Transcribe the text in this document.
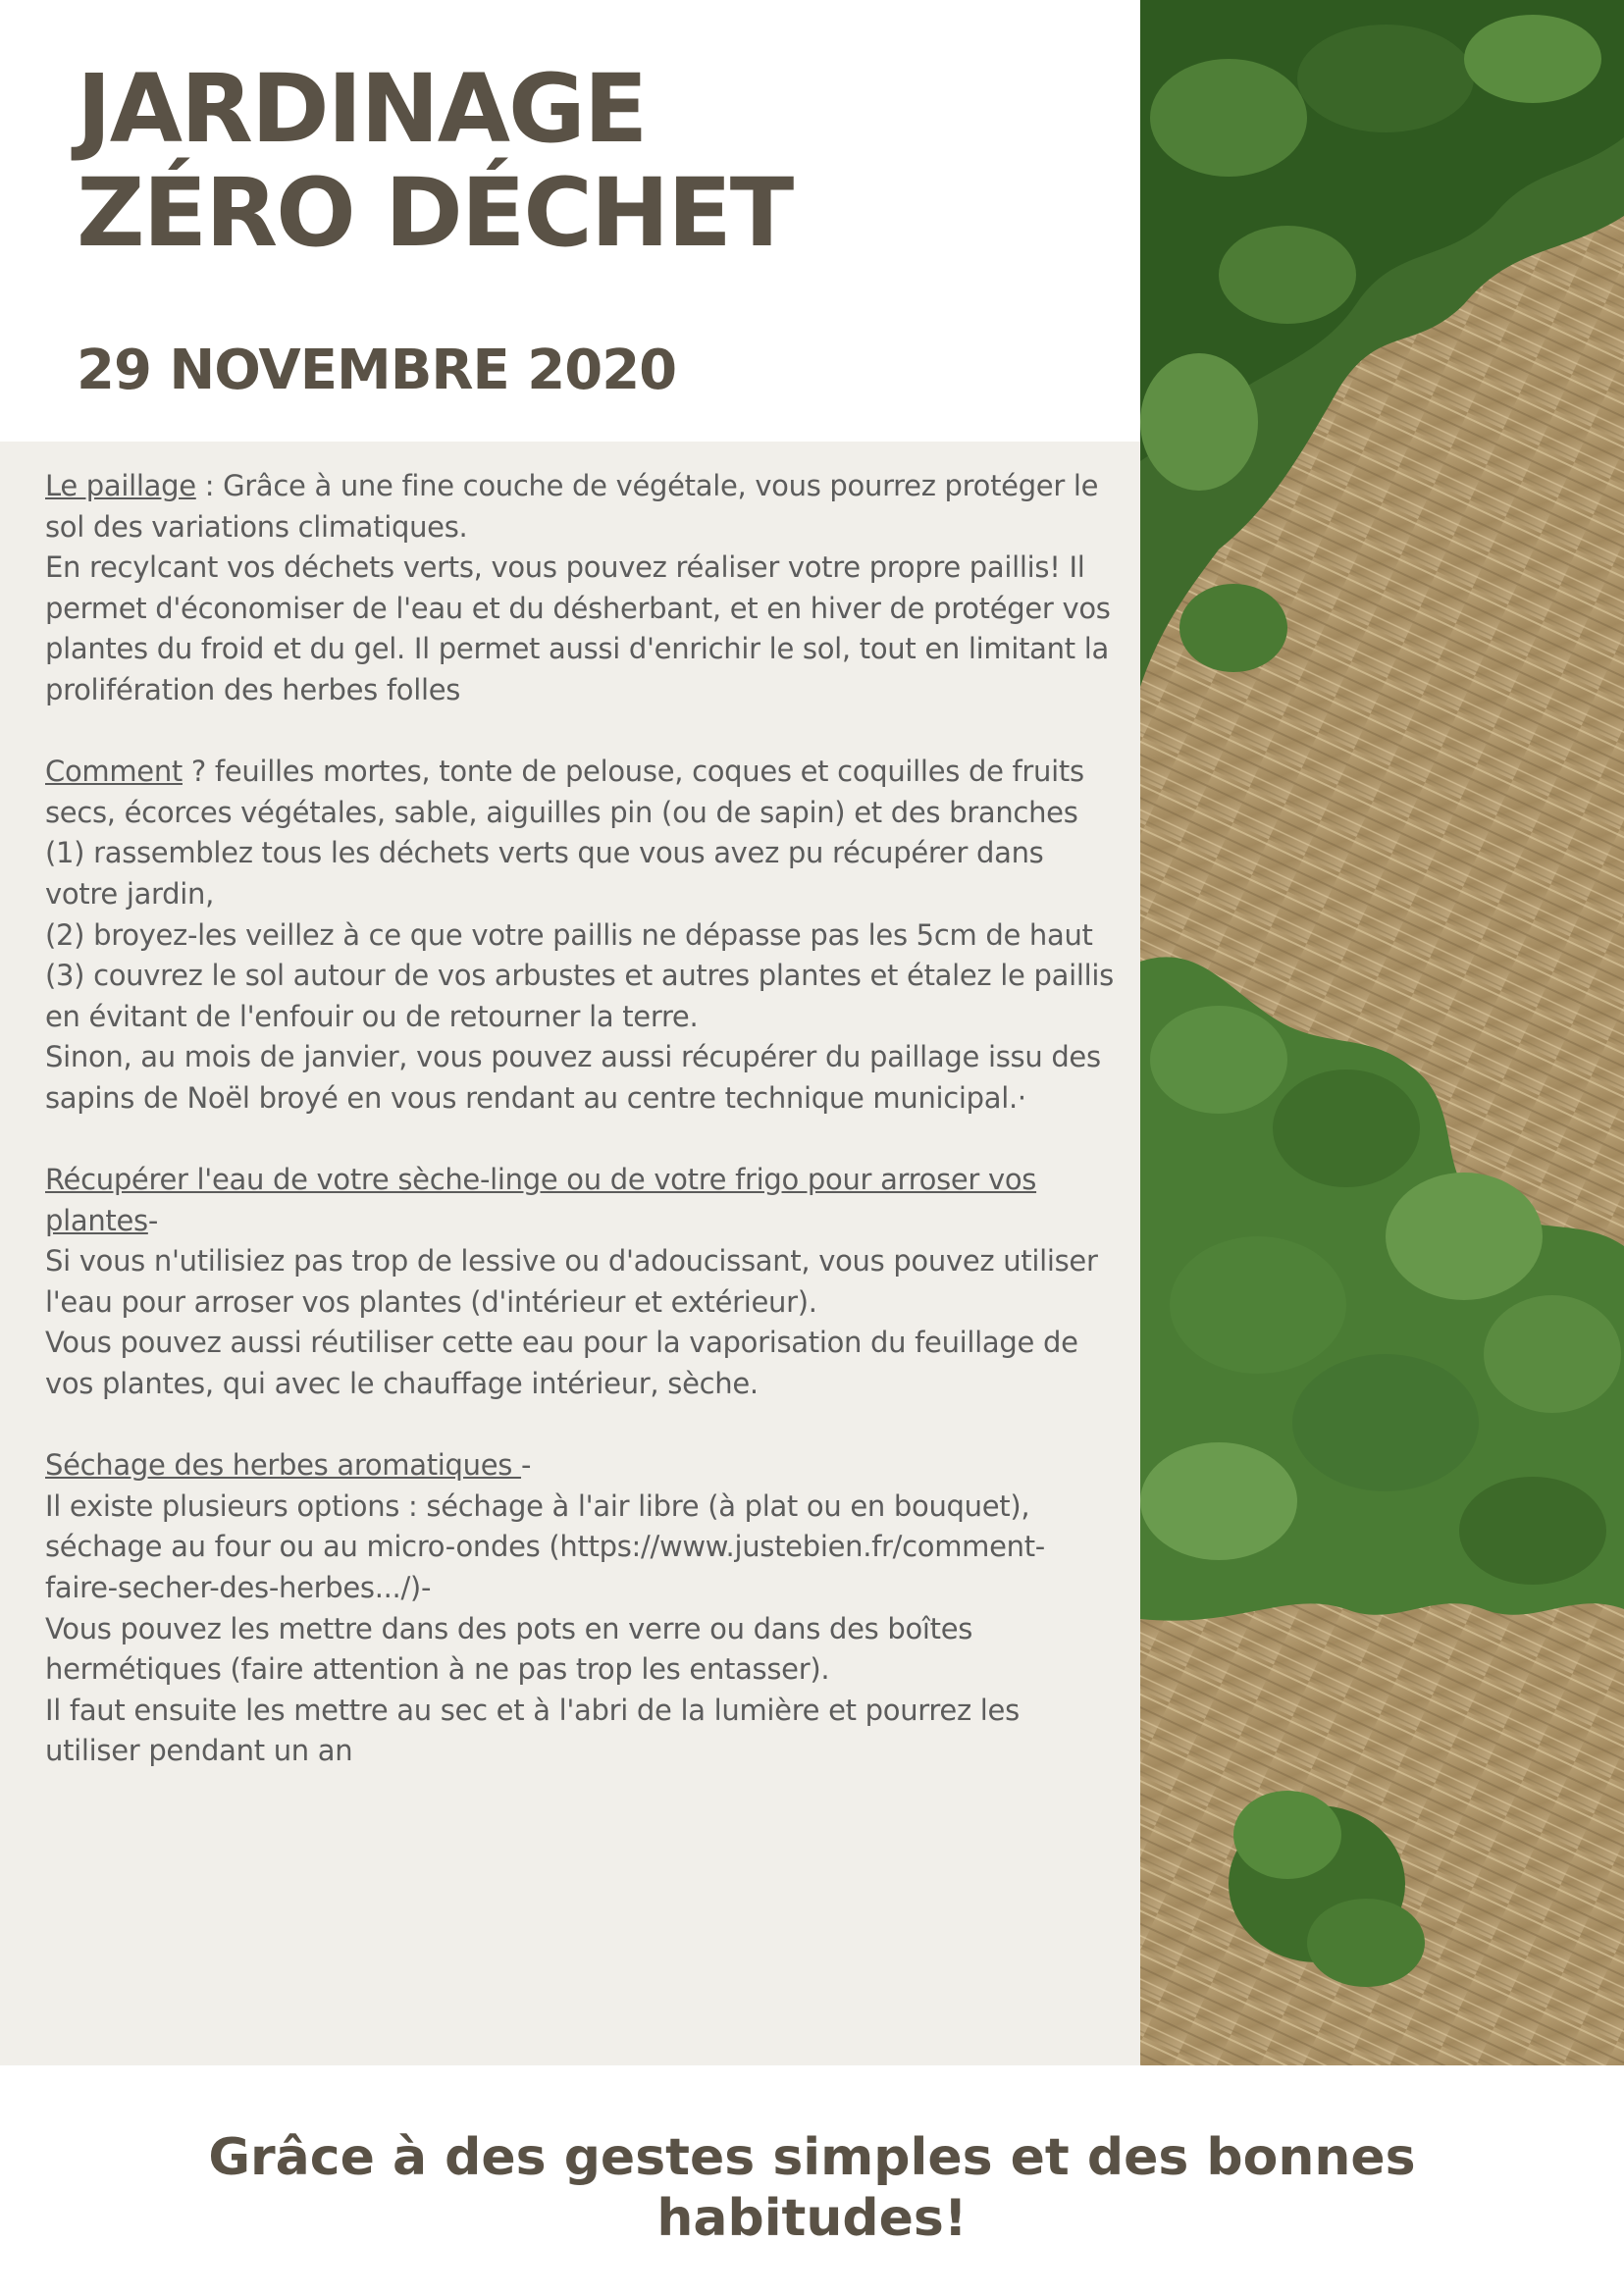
JARDINAGE
ZÉRO DÉCHET
29 NOVEMBRE 2020

Le paillage : Grâce à une fine couche de végétale, vous pourrez protéger le sol des variations climatiques.
En recylcant vos déchets verts, vous pouvez réaliser votre propre paillis! Il permet d'économiser de l'eau et du désherbant, et en hiver de protéger vos plantes du froid et du gel. Il permet aussi d'enrichir le sol, tout en limitant la prolifération des herbes folles

Comment ? feuilles mortes, tonte de pelouse, coques et coquilles de fruits secs, écorces végétales, sable, aiguilles pin (ou de sapin) et des branches
(1) rassemblez tous les déchets verts que vous avez pu récupérer dans votre jardin,
(2) broyez-les veillez à ce que votre paillis ne dépasse pas les 5cm de haut
(3) couvrez le sol autour de vos arbustes et autres plantes et étalez le paillis en évitant de l'enfouir ou de retourner la terre.
Sinon, au mois de janvier, vous pouvez aussi récupérer du paillage issu des sapins de Noël broyé en vous rendant au centre technique municipal.·

Récupérer l'eau de votre sèche-linge ou de votre frigo pour arroser vos plantes-
Si vous n'utilisiez pas trop de lessive ou d'adoucissant, vous pouvez utiliser l'eau pour arroser vos plantes (d'intérieur et extérieur).
Vous pouvez aussi réutiliser cette eau pour la vaporisation du feuillage de vos plantes, qui avec le chauffage intérieur, sèche.

Séchage des herbes aromatiques -
Il existe plusieurs options : séchage à l'air libre (à plat ou en bouquet), séchage au four ou au micro-ondes (https://www.justebien.fr/comment-faire-secher-des-herbes.../)-
Vous pouvez les mettre dans des pots en verre ou dans des boîtes hermétiques (faire attention à ne pas trop les entasser).
Il faut ensuite les mettre au sec et à l'abri de la lumière et pourrez les utiliser pendant un an

Grâce à des gestes simples et des bonnes
habitudes!
